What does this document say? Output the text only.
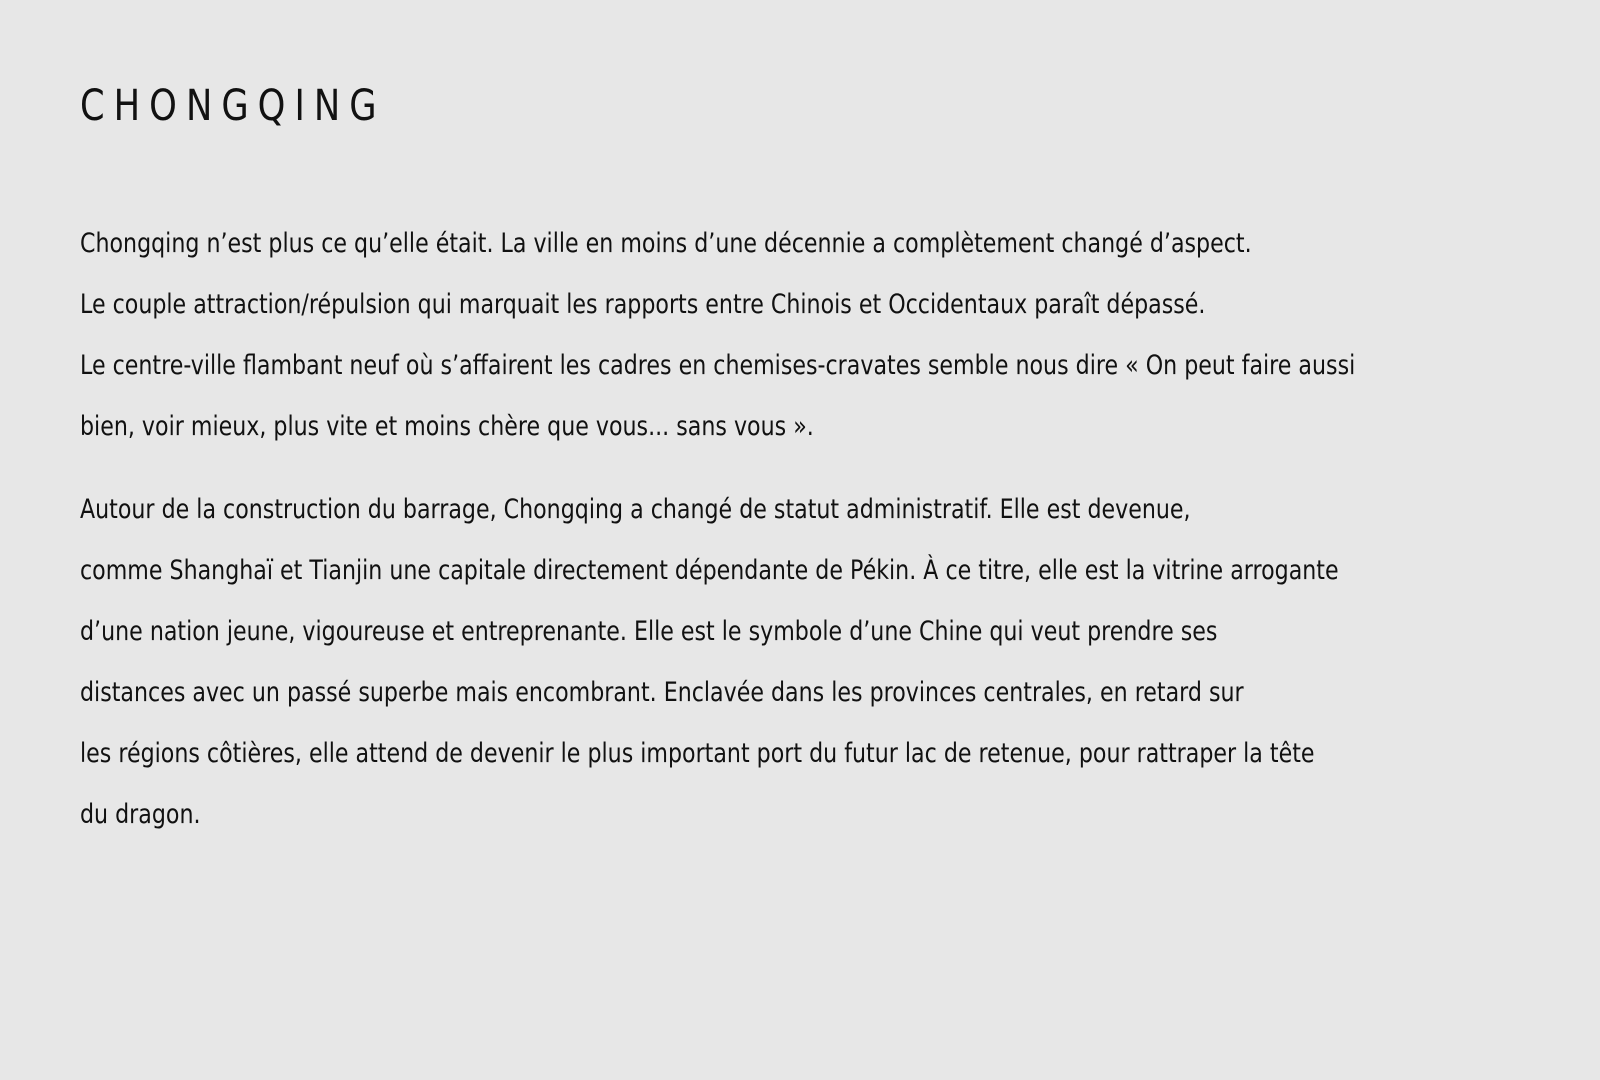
CHONGQING

Chongqing n’est plus ce qu’elle était. La ville en moins d’une décennie a complètement changé d’aspect.
Le couple attraction/répulsion qui marquait les rapports entre Chinois et Occidentaux paraît dépassé.
Le centre-ville flambant neuf où s’affairent les cadres en chemises-cravates semble nous dire « On peut faire aussi
bien, voir mieux, plus vite et moins chère que vous... sans vous ».

Autour de la construction du barrage, Chongqing a changé de statut administratif. Elle est devenue,
comme Shanghaï et Tianjin une capitale directement dépendante de Pékin. À ce titre, elle est la vitrine arrogante
d’une nation jeune, vigoureuse et entreprenante. Elle est le symbole d’une Chine qui veut prendre ses
distances avec un passé superbe mais encombrant. Enclavée dans les provinces centrales, en retard sur
les régions côtières, elle attend de devenir le plus important port du futur lac de retenue, pour rattraper la tête
du dragon.
